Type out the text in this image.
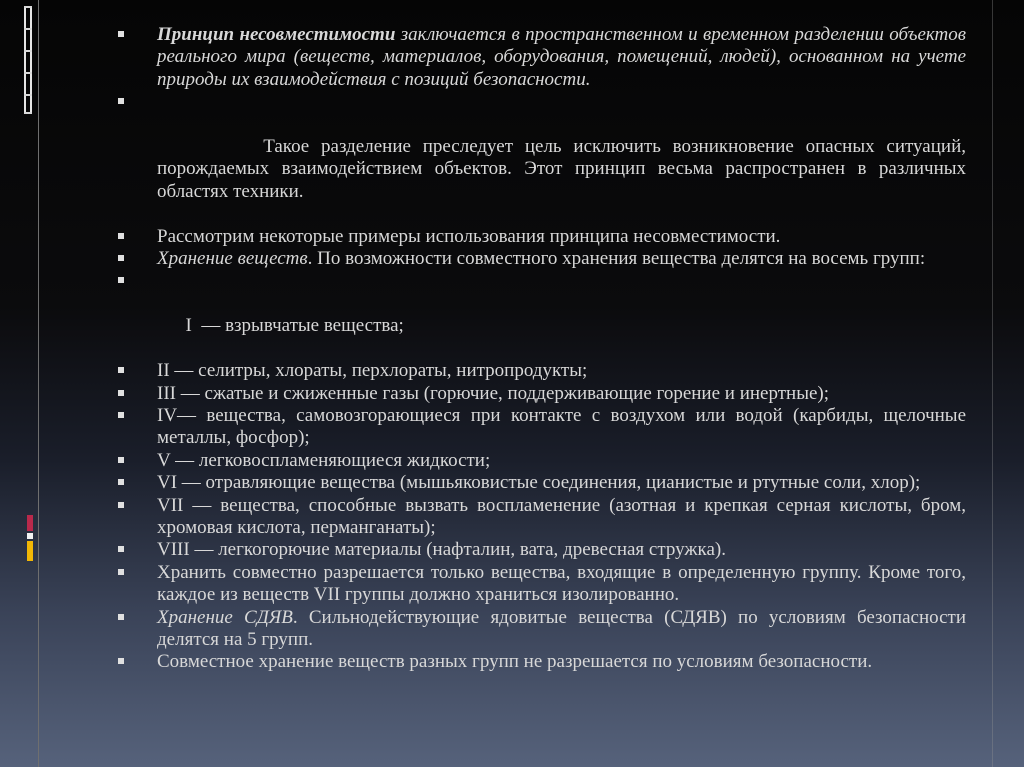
Принцип несовместимости заключается в пространственном и временном разделении объектов реального мира (веществ, материалов, оборудования, помещений, людей), основанном на учете природы их взаимодействия с позиций безопасности.

Такое разделение преследует цель исключить возникновение опасных ситуаций, порождаемых взаимодействием объектов. Этот принцип весьма распространен в различных областях техники.

Рассмотрим некоторые примеры использования принципа несовместимости.

Хранение веществ. По возможности совместного хранения вещества делятся на восемь групп:

I  — взрывчатые вещества;

II — селитры, хлораты, перхлораты, нитропродукты;

III — сжатые и сжиженные газы (горючие, поддерживающие горение и инертные);

IV— вещества, самовозгорающиеся при контакте с воздухом или водой (карбиды, щелочные металлы, фосфор);

V — легковоспламеняющиеся жидкости;

VI — отравляющие вещества (мышьяковистые соединения, цианистые и ртутные соли, хлор);

VII — вещества, способные вызвать воспламенение (азотная и крепкая серная кислоты, бром, хромовая кислота, перманганаты);

VIII — легкогорючие материалы (нафталин, вата, древесная стружка).

Хранить совместно разрешается только вещества, входящие в определенную группу. Кроме того, каждое из веществ VII группы должно храниться изолированно.

Хранение СДЯВ. Сильнодействующие ядовитые вещества (СДЯВ) по условиям безопасности делятся на 5 групп.

Совместное хранение веществ разных групп не разрешается по условиям безопасности.
